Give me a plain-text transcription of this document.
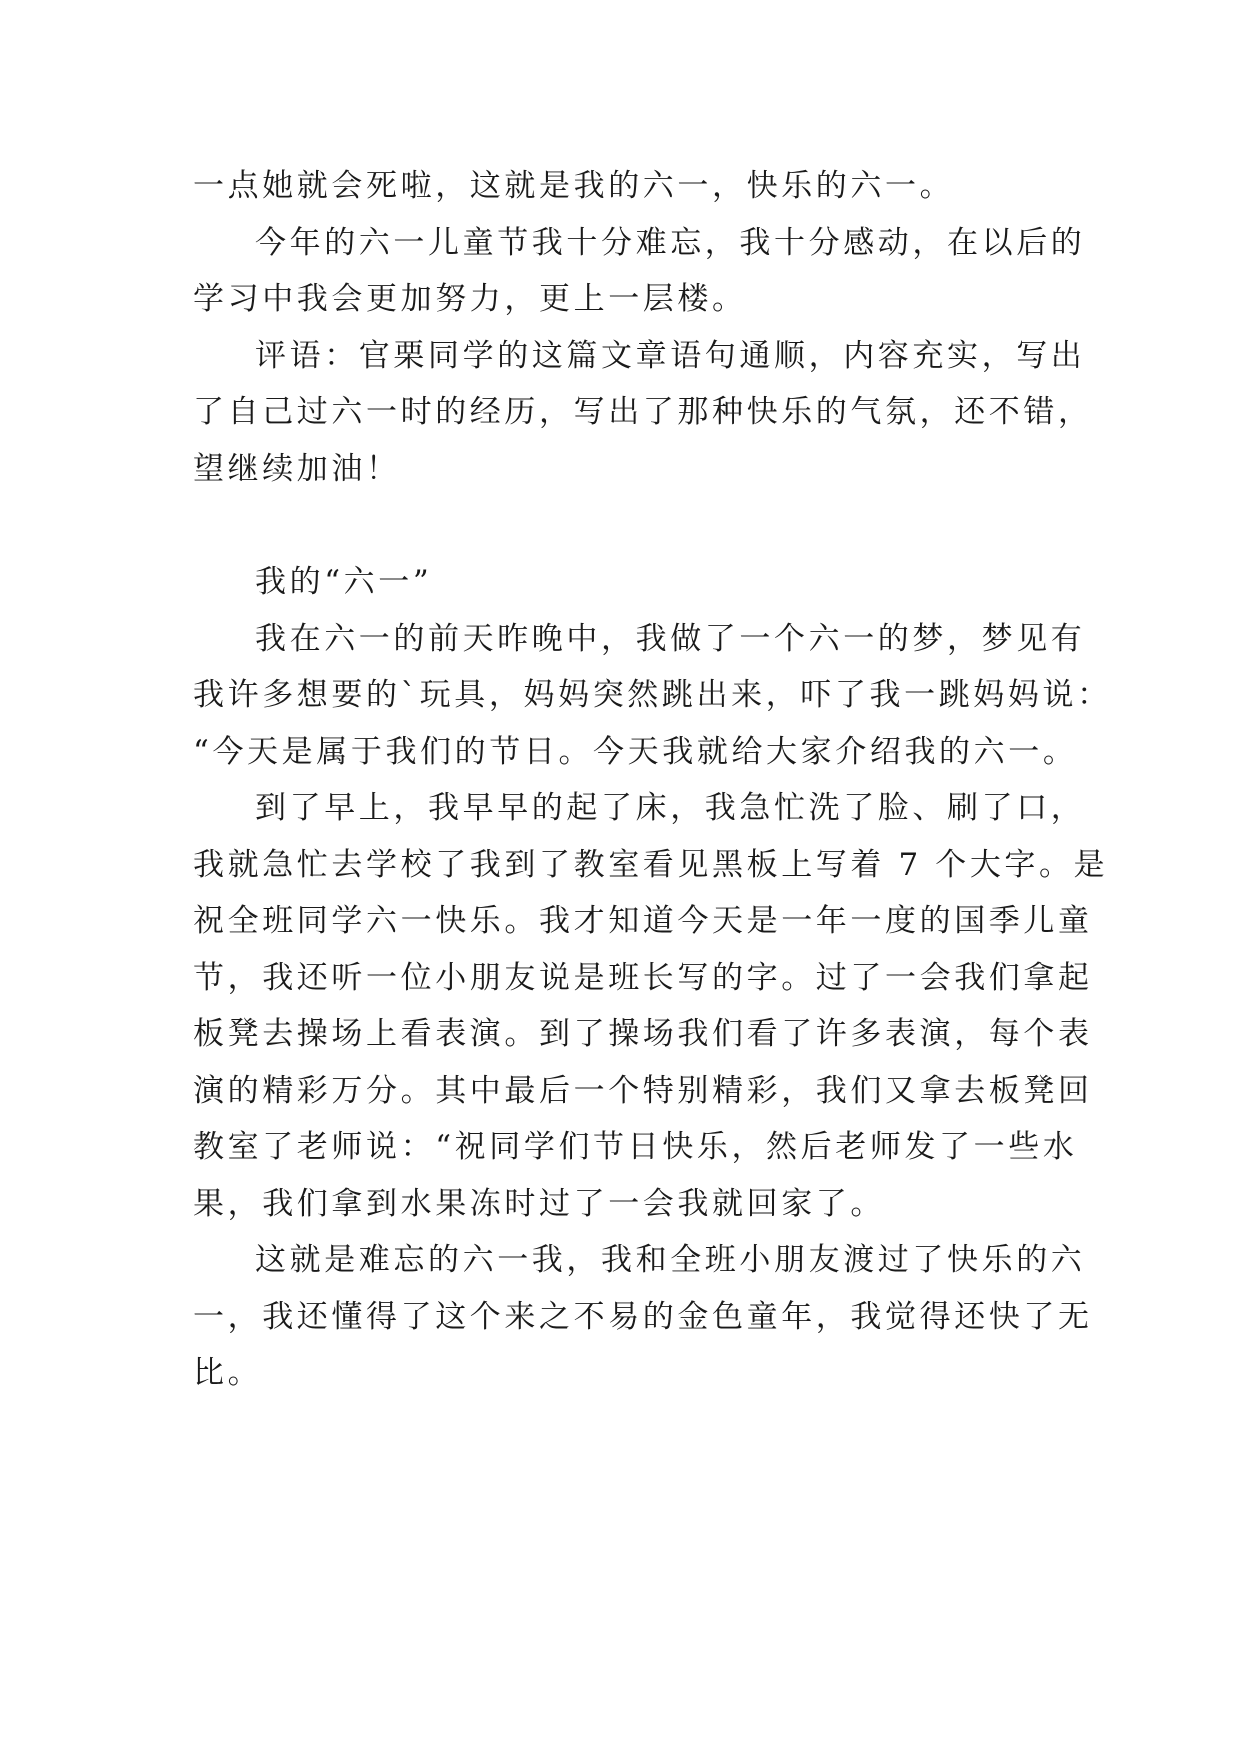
一点她就会死啦，这就是我的六一，快乐的六一。
今年的六一儿童节我十分难忘，我十分感动，在以后的
学习中我会更加努力，更上一层楼。
评语：官栗同学的这篇文章语句通顺，内容充实，写出
了自己过六一时的经历，写出了那种快乐的气氛，还不错，
望继续加油！
我的“六一”
我在六一的前天昨晚中，我做了一个六一的梦，梦见有
我许多想要的`玩具，妈妈突然跳出来，吓了我一跳妈妈说：
“今天是属于我们的节日。今天我就给大家介绍我的六一。
到了早上，我早早的起了床，我急忙洗了脸、刷了口，
我就急忙去学校了我到了教室看见黑板上写着 7 个大字。是
祝全班同学六一快乐。我才知道今天是一年一度的国季儿童
节，我还听一位小朋友说是班长写的字。过了一会我们拿起
板凳去操场上看表演。到了操场我们看了许多表演，每个表
演的精彩万分。其中最后一个特别精彩，我们又拿去板凳回
教室了老师说：“祝同学们节日快乐，然后老师发了一些水
果，我们拿到水果冻时过了一会我就回家了。
这就是难忘的六一我，我和全班小朋友渡过了快乐的六
一，我还懂得了这个来之不易的金色童年，我觉得还快了无
比。
